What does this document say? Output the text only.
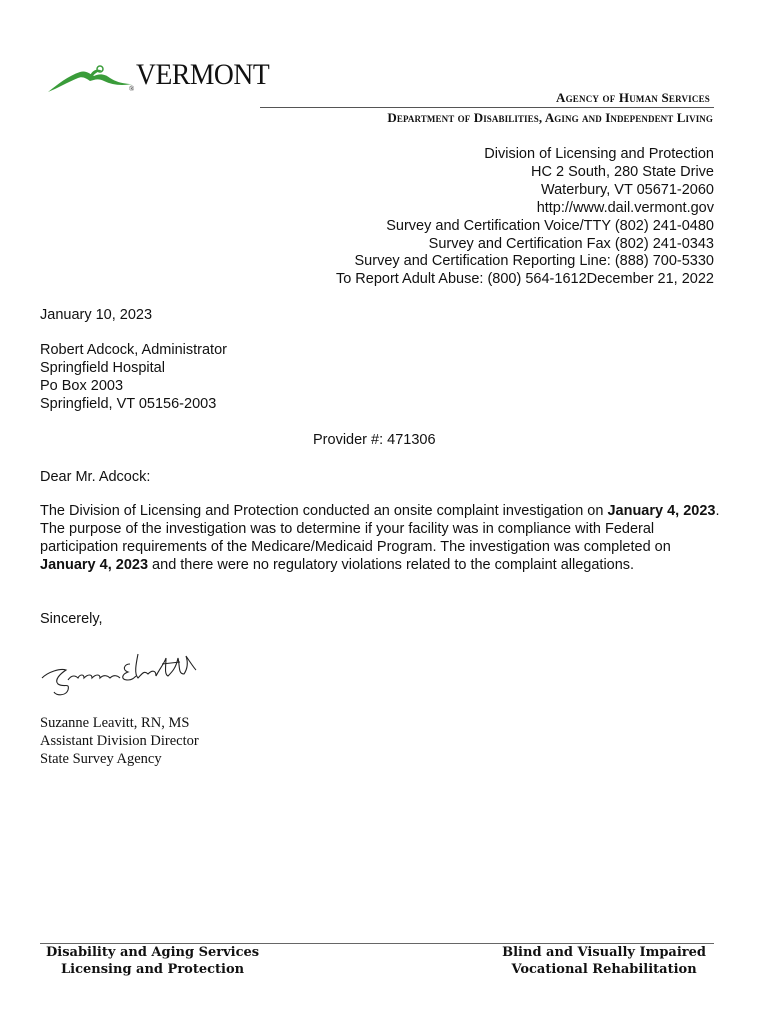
® VERMONT
Agency of Human Services
Department of Disabilities, Aging and Independent Living
Division of Licensing and Protection
HC 2 South, 280 State Drive
Waterbury, VT 05671-2060
http://www.dail.vermont.gov
Survey and Certification Voice/TTY (802) 241-0480
Survey and Certification Fax (802) 241-0343
Survey and Certification Reporting Line: (888) 700-5330
To Report Adult Abuse: (800) 564-1612December 21, 2022
January 10, 2023
Robert Adcock, Administrator
Springfield Hospital
Po Box 2003
Springfield, VT 05156-2003
Provider #: 471306
Dear Mr. Adcock:

The Division of Licensing and Protection conducted an onsite complaint investigation on January 4, 2023. The purpose of the investigation was to determine if your facility was in compliance with Federal participation requirements of the Medicare/Medicaid Program. The investigation was completed on January 4, 2023 and there were no regulatory violations related to the complaint allegations.

Sincerely,
Suzanne Leavitt, RN, MS
Assistant Division Director
State Survey Agency
Disability and Aging Services
Licensing and Protection
Blind and Visually Impaired
Vocational Rehabilitation
